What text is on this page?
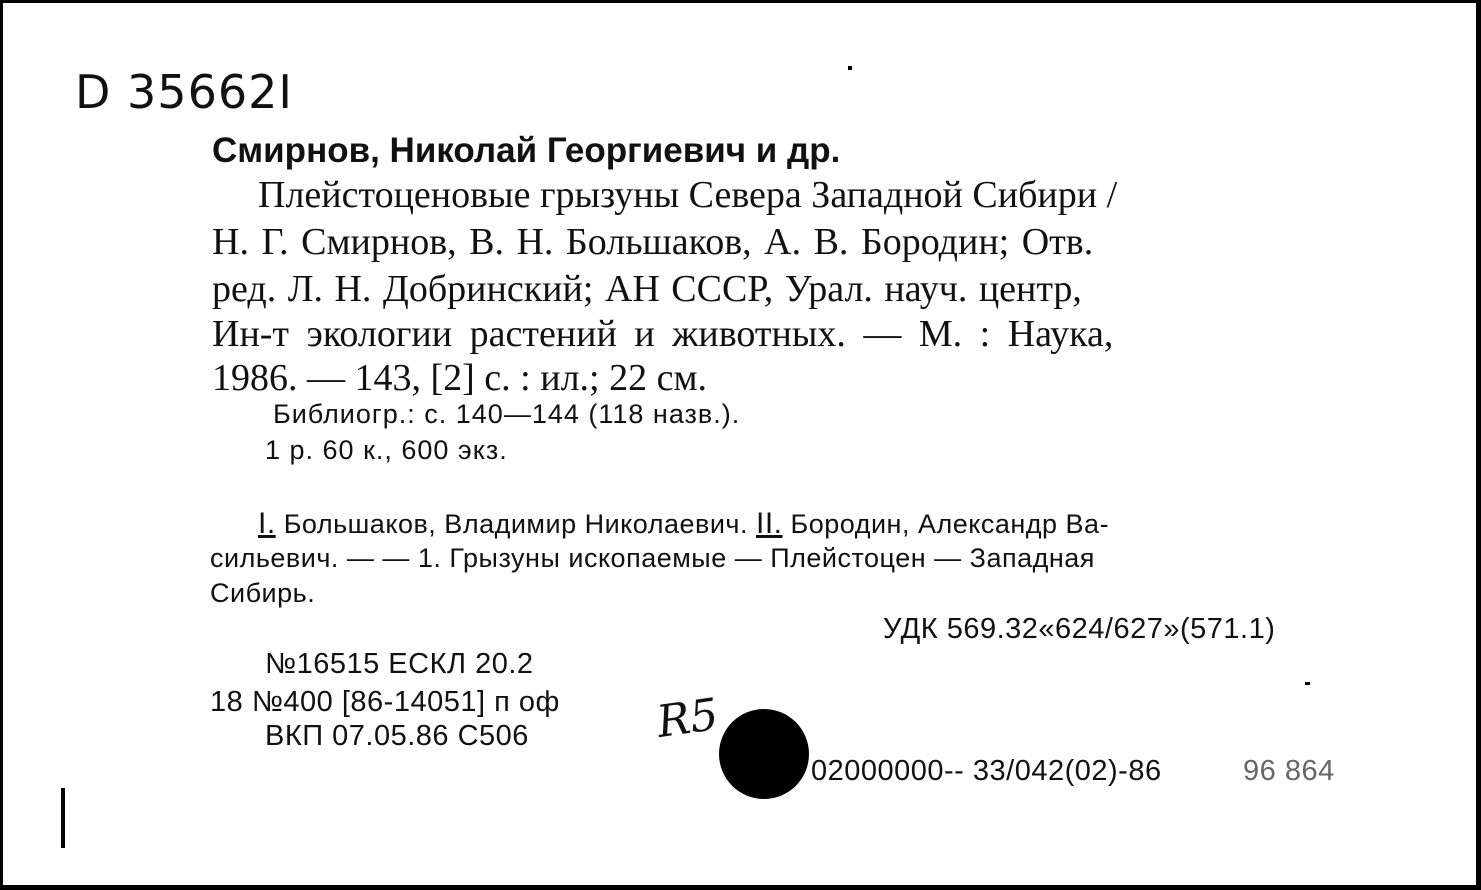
D 35662I
Смирнов, Николай Георгиевич и др.
Плейстоценовые грызуны Севера Западной Сибири /
Н. Г. Смирнов, В. Н. Большаков, А. В. Бородин; Отв.
ред. Л. Н. Добринский; АН СССР, Урал. науч. центр,
Ин-т экологии растений и животных. — М. : Наука,
1986. — 143, [2] с. : ил.; 22 см.
Библиогр.: с. 140—144 (118 назв.).
1 р. 60 к., 600 экз.
I. Большаков, Владимир Николаевич. II. Бородин, Александр Ва-
сильевич. — — 1. Грызуны ископаемые — Плейстоцен — Западная
Сибирь.
УДК 569.32«624/627»(571.1)
№16515 ЕСКЛ 20.2
18 №400 [86-14051] п оф
ВКП 07.05.86 С506	R5
02000000-- 33/042(02)-86	96 864
